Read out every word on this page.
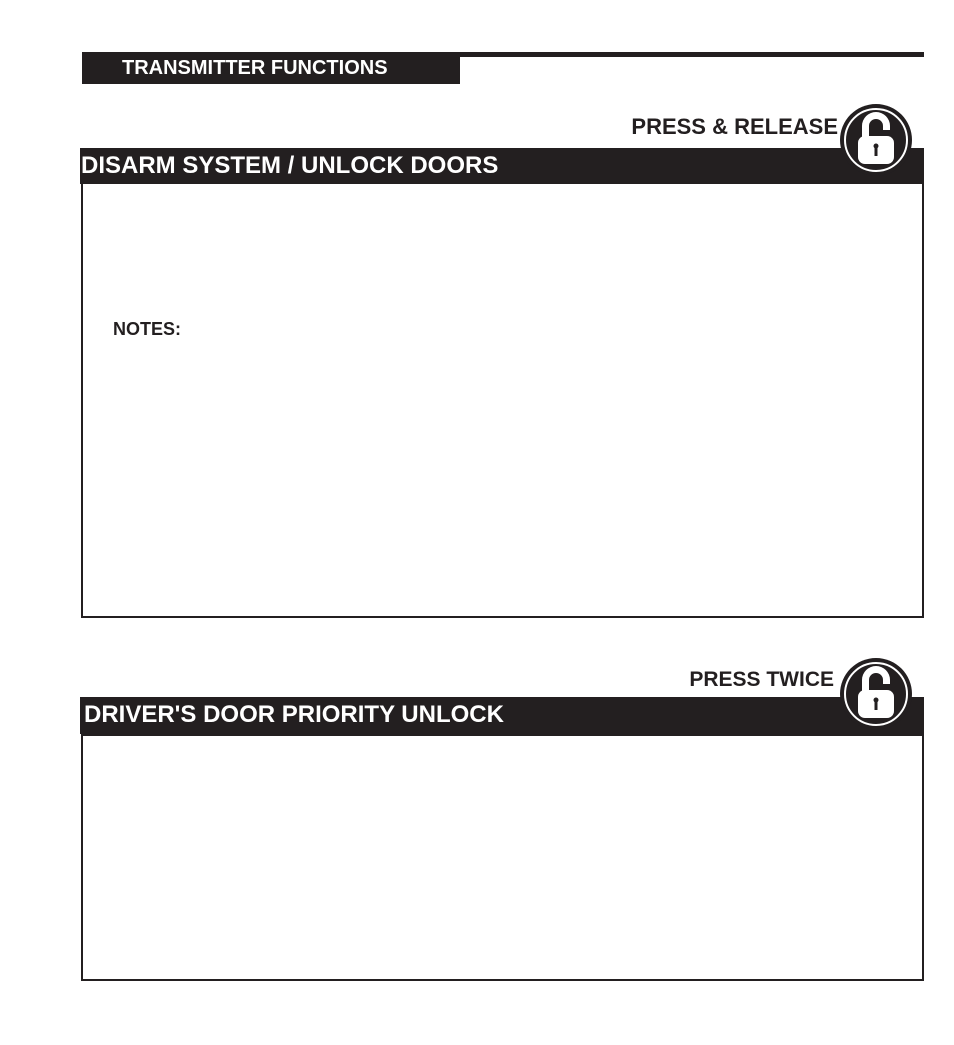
TRANSMITTER FUNCTIONS
PRESS & RELEASE
DISARM SYSTEM / UNLOCK DOORS
NOTES:
PRESS TWICE
DRIVER'S DOOR PRIORITY UNLOCK
